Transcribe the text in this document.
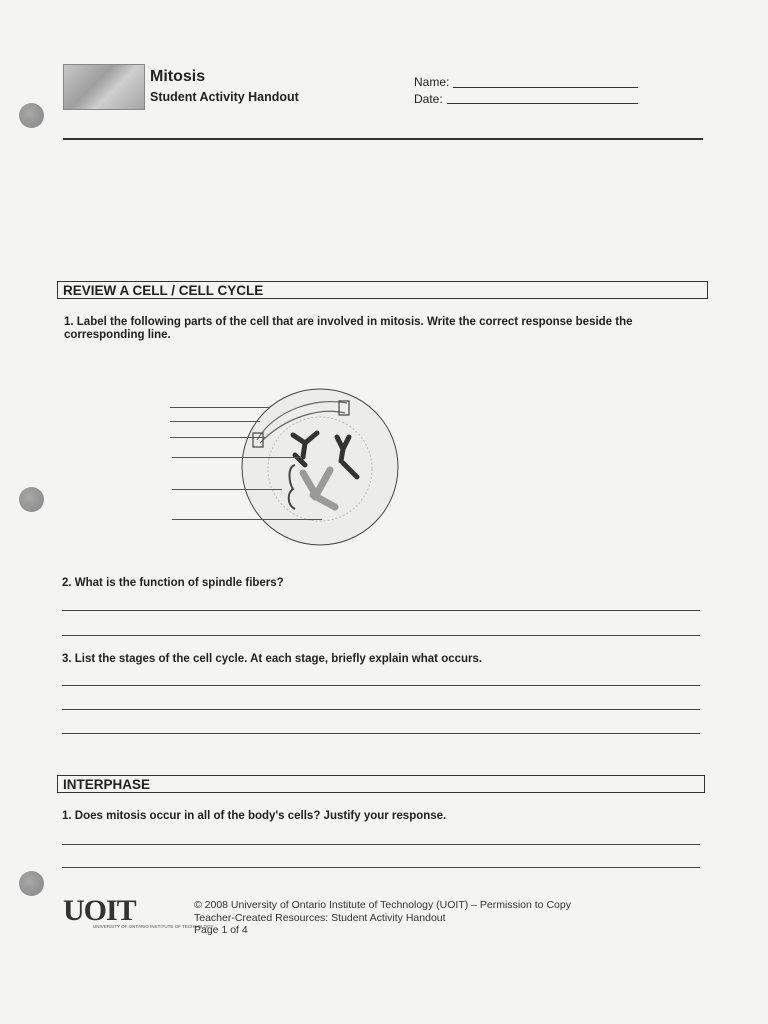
Mitosis
Student Activity Handout
Name:
Date:
REVIEW A CELL / CELL CYCLE
1. Label the following parts of the cell that are involved in mitosis. Write the correct response beside the corresponding line.
2. What is the function of spindle fibers?
3. List the stages of the cell cycle. At each stage, briefly explain what occurs.
INTERPHASE
1. Does mitosis occur in all of the body's cells? Justify your response.
UOIT
UNIVERSITY OF ONTARIO INSTITUTE OF TECHNOLOGY
© 2008 University of Ontario Institute of Technology (UOIT) – Permission to Copy
Teacher-Created Resources: Student Activity Handout
Page 1 of 4
